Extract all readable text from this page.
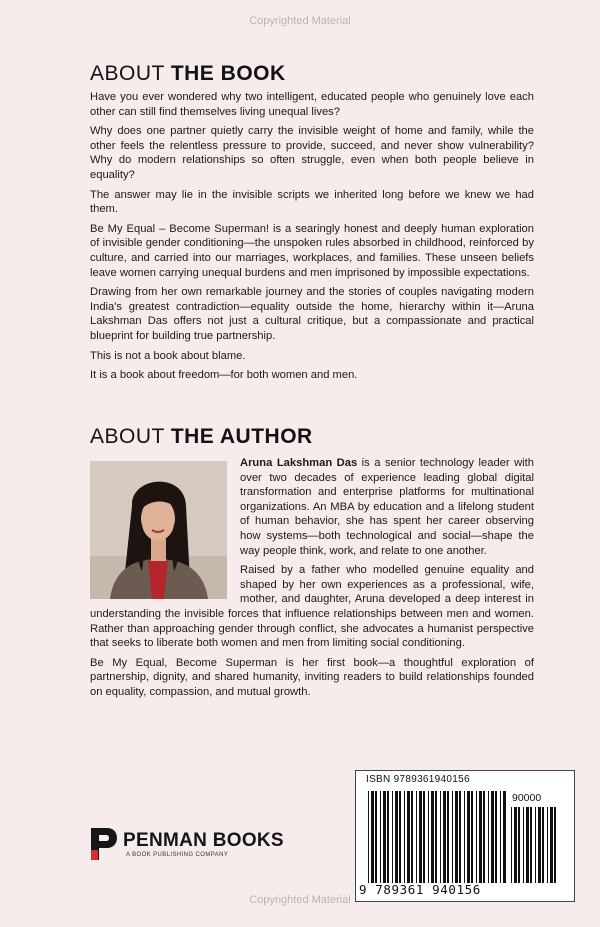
Copyrighted Material
ABOUT THE BOOK

Have you ever wondered why two intelligent, educated people who genuinely love each other can still find themselves living unequal lives?

Why does one partner quietly carry the invisible weight of home and family, while the other feels the relentless pressure to provide, succeed, and never show vulnerability? Why do modern relationships so often struggle, even when both people believe in equality?

The answer may lie in the invisible scripts we inherited long before we knew we had them.

Be My Equal – Become Superman! is a searingly honest and deeply human exploration of invisible gender conditioning—the unspoken rules absorbed in childhood, reinforced by culture, and carried into our marriages, workplaces, and families. These unseen beliefs leave women carrying unequal burdens and men imprisoned by impossible expectations.

Drawing from her own remarkable journey and the stories of couples navigating modern India's greatest contradiction—equality outside the home, hierarchy within it—Aruna Lakshman Das offers not just a cultural critique, but a compassionate and practical blueprint for building true partnership.

This is not a book about blame.

It is a book about freedom—for both women and men.

ABOUT THE AUTHOR

Aruna Lakshman Das is a senior technology leader with over two decades of experience leading global digital transformation and enterprise platforms for multinational organizations. An MBA by education and a lifelong student of human behavior, she has spent her career observing how systems—both technological and social—shape the way people think, work, and relate to one another.

Raised by a father who modelled genuine equality and shaped by her own experiences as a professional, wife, mother, and daughter, Aruna developed a deep interest in understanding the invisible forces that influence relationships between men and women. Rather than approaching gender through conflict, she advocates a humanist perspective that seeks to liberate both women and men from limiting social conditioning.

Be My Equal, Become Superman is her first book—a thoughtful exploration of partnership, dignity, and shared humanity, inviting readers to build relationships founded on equality, compassion, and mutual growth.

ISBN 9789361940156
90000
9 789361 940156
PENMAN BOOKS
A BOOK PUBLISHING COMPANY
Copyrighted Material
